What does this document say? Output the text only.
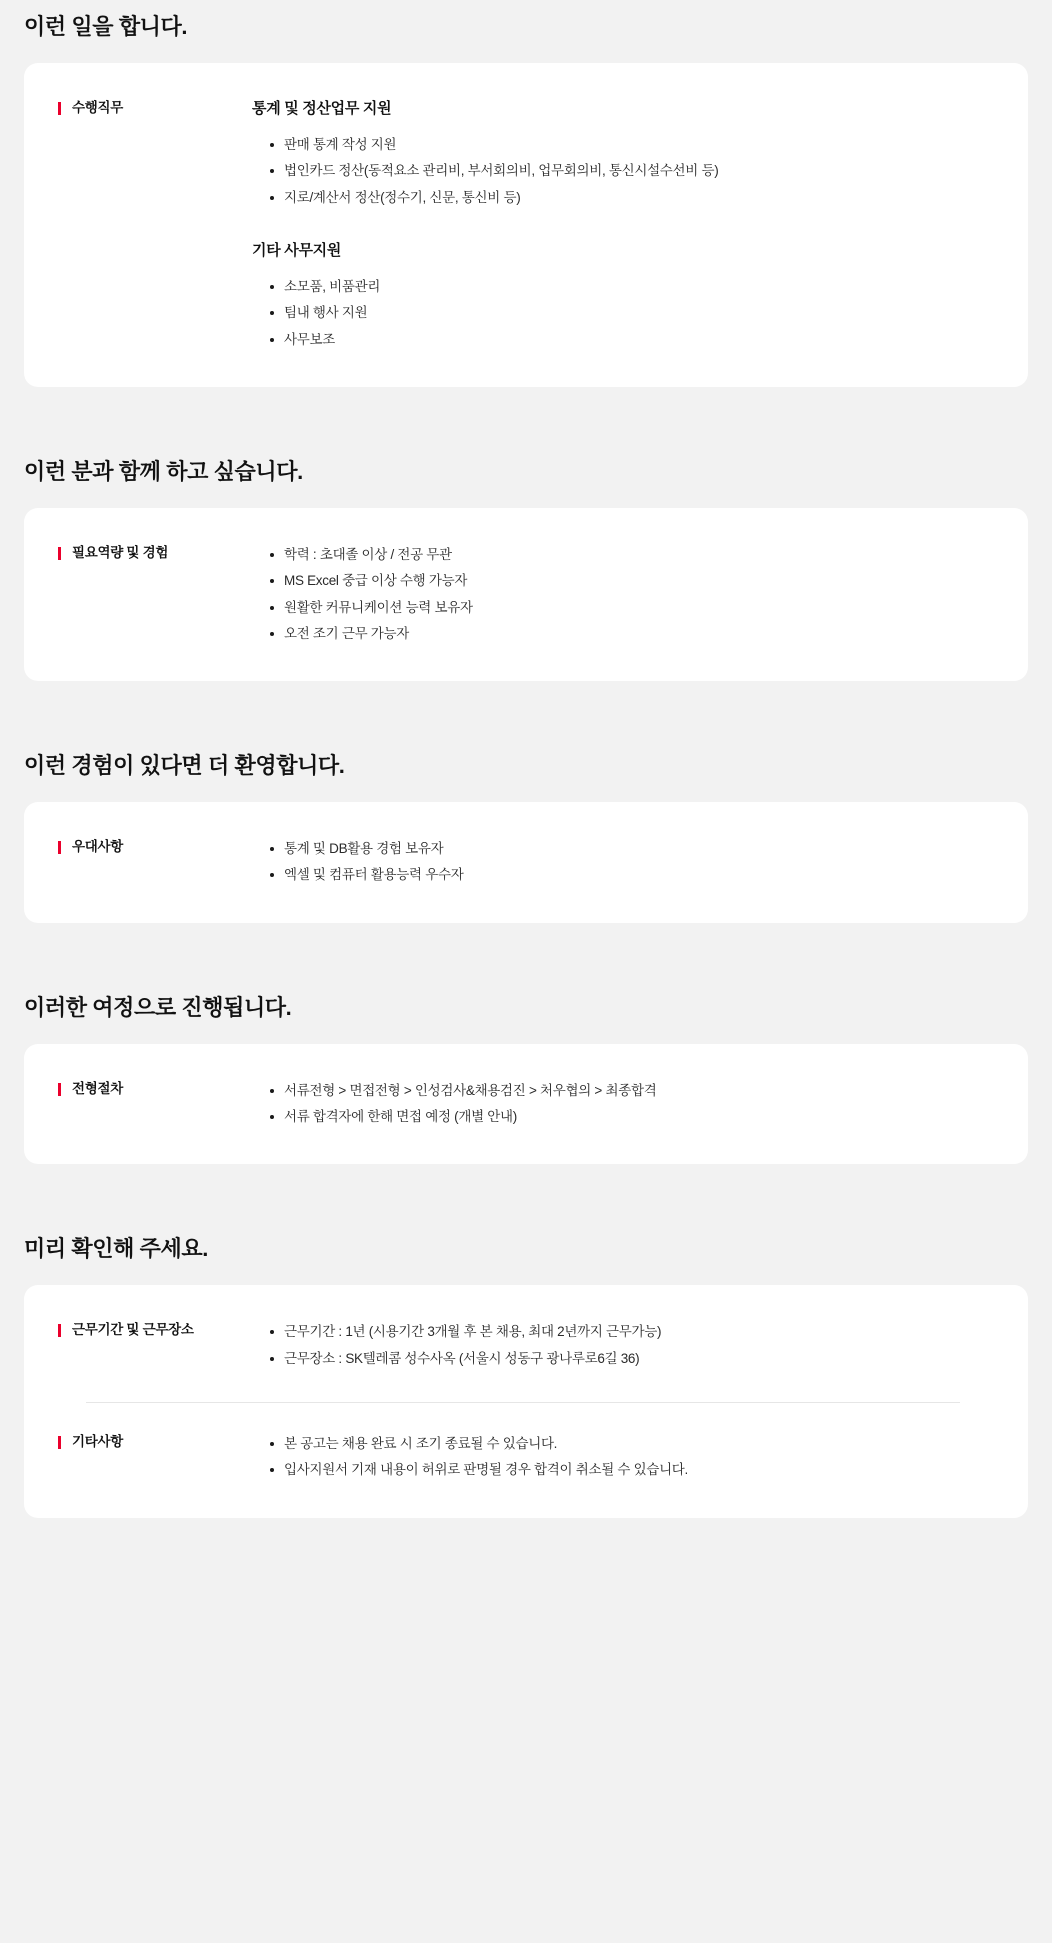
이런 일을 합니다.
수행직무	통계 및 정산업무 지원
판매 통계 작성 지원
법인카드 정산(동적요소 관리비, 부서회의비, 업무회의비, 통신시설수선비 등)
지로/계산서 정산(정수기, 신문, 통신비 등)
기타 사무지원
소모품, 비품관리
팀내 행사 지원
사무보조
이런 분과 함께 하고 싶습니다.
필요역량 및 경험	학력 : 초대졸 이상 / 전공 무관
MS Excel 중급 이상 수행 가능자
원활한 커뮤니케이션 능력 보유자
오전 조기 근무 가능자
이런 경험이 있다면 더 환영합니다.
우대사항	통계 및 DB활용 경험 보유자
엑셀 및 컴퓨터 활용능력 우수자
이러한 여정으로 진행됩니다.
전형절차	서류전형 > 면접전형 > 인성검사&채용검진 > 처우협의 > 최종합격
서류 합격자에 한해 면접 예정 (개별 안내)
미리 확인해 주세요.
근무기간 및 근무장소	근무기간 : 1년 (시용기간 3개월 후 본 채용, 최대 2년까지 근무가능)
근무장소 : SK텔레콤 성수사옥 (서울시 성동구 광나루로6길 36)
기타사항	본 공고는 채용 완료 시 조기 종료될 수 있습니다.
입사지원서 기재 내용이 허위로 판명될 경우 합격이 취소될 수 있습니다.
